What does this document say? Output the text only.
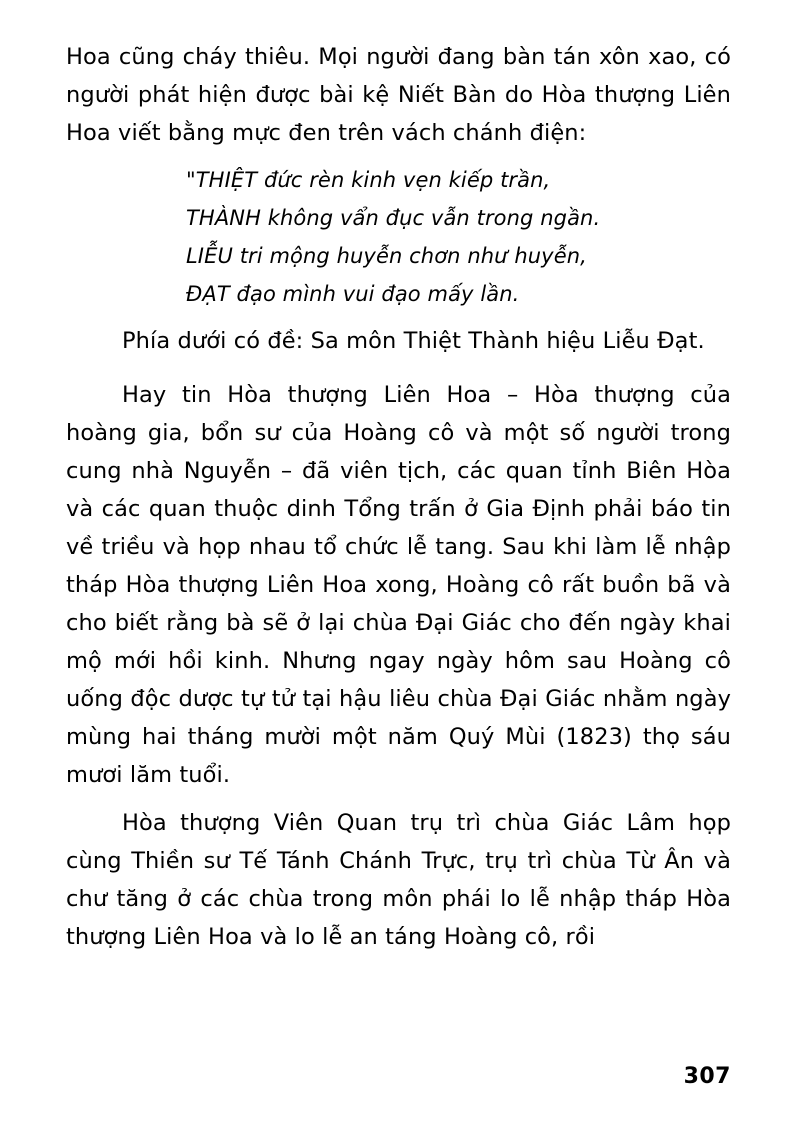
Hoa cũng cháy thiêu. Mọi người đang bàn tán xôn xao, có người phát hiện được bài kệ Niết Bàn do Hòa thượng Liên Hoa viết bằng mực đen trên vách chánh điện:

"THIỆT đức rèn kinh vẹn kiếp trần,
THÀNH không vẩn đục vẫn trong ngần.
LIỄU tri mộng huyễn chơn như huyễn,
ĐẠT đạo mình vui đạo mấy lần.

Phía dưới có đề: Sa môn Thiệt Thành hiệu Liễu Đạt.

Hay tin Hòa thượng Liên Hoa – Hòa thượng của hoàng gia, bổn sư của Hoàng cô và một số người trong cung nhà Nguyễn – đã viên tịch, các quan tỉnh Biên Hòa và các quan thuộc dinh Tổng trấn ở Gia Định phải báo tin về triều và họp nhau tổ chức lễ tang. Sau khi làm lễ nhập tháp Hòa thượng Liên Hoa xong, Hoàng cô rất buồn bã và cho biết rằng bà sẽ ở lại chùa Đại Giác cho đến ngày khai mộ mới hồi kinh. Nhưng ngay ngày hôm sau Hoàng cô uống độc dược tự tử tại hậu liêu chùa Đại Giác nhằm ngày mùng hai tháng mười một năm Quý Mùi (1823) thọ sáu mươi lăm tuổi.

Hòa thượng Viên Quan trụ trì chùa Giác Lâm họp cùng Thiền sư Tế Tánh Chánh Trực, trụ trì chùa Từ Ân và chư tăng ở các chùa trong môn phái lo lễ nhập tháp Hòa thượng Liên Hoa và lo lễ an táng Hoàng cô, rồi

307
